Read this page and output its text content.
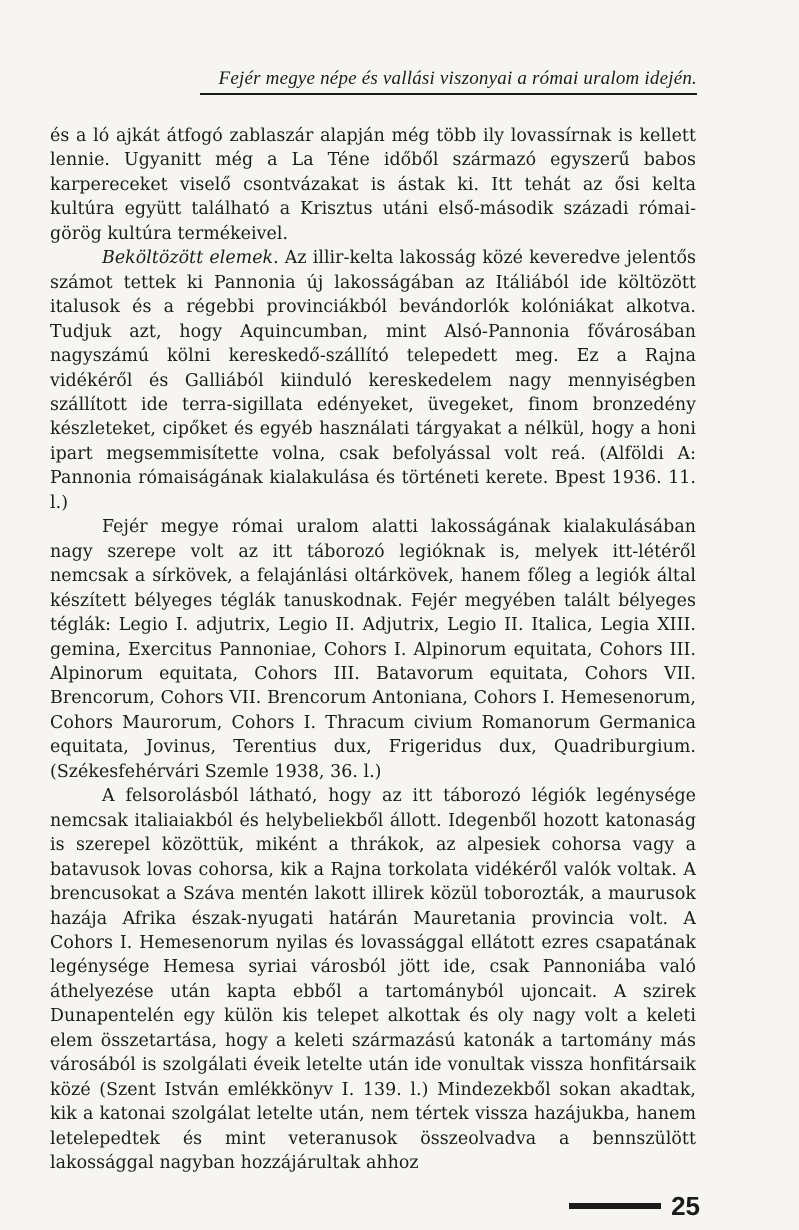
Fejér megye népe és vallási viszonyai a római uralom idején.

és a ló ajkát átfogó zablaszár alapján még több ily lovassírnak is kellett lennie. Ugyanitt még a La Téne időből származó egyszerű babos karpereceket viselő csontvázakat is ástak ki. Itt tehát az ősi kelta kultúra együtt található a Krisztus utáni első-második századi római-görög kultúra termékeivel.

Beköltözött elemek. Az illir-kelta lakosság közé keveredve jelentős számot tettek ki Pannonia új lakosságában az Itáliából ide költözött italusok és a régebbi provinciákból bevándorlók kolóniákat alkotva. Tudjuk azt, hogy Aquincumban, mint Alsó-Pannonia fővárosában nagyszámú kölni kereskedő-szállító telepedett meg. Ez a Rajna vidékéről és Galliából kiinduló kereskedelem nagy mennyiségben szállított ide terra-sigillata edényeket, üvegeket, finom bronzedény készleteket, cipőket és egyéb használati tárgyakat a nélkül, hogy a honi ipart megsemmisítette volna, csak befolyással volt reá. (Alföldi A: Pannonia rómaiságának kialakulása és történeti kerete. Bpest 1936. 11. l.)

Fejér megye római uralom alatti lakosságának kialakulásában nagy szerepe volt az itt táborozó legióknak is, melyek itt-létéről nemcsak a sírkövek, a felajánlási oltárkövek, hanem főleg a legiók által készített bélyeges téglák tanuskodnak. Fejér megyében talált bélyeges téglák: Legio I. adjutrix, Legio II. Adjutrix, Legio II. Italica, Legia XIII. gemina, Exercitus Pannoniae, Cohors I. Alpinorum equitata, Cohors III. Alpinorum equitata, Cohors III. Batavorum equitata, Cohors VII. Brencorum, Cohors VII. Brencorum Antoniana, Cohors I. Hemesenorum, Cohors Maurorum, Cohors I. Thracum civium Romanorum Germanica equitata, Jovinus, Terentius dux, Frigeridus dux, Quadriburgium. (Székesfehérvári Szemle 1938, 36. l.)

A felsorolásból látható, hogy az itt táborozó légiók legénysége nemcsak italiaiakból és helybeliekből állott. Idegenből hozott katonaság is szerepel közöttük, miként a thrákok, az alpesiek cohorsa vagy a batavusok lovas cohorsa, kik a Rajna torkolata vidékéről valók voltak. A brencusokat a Száva mentén lakott illirek közül toborozták, a maurusok hazája Afrika észak-nyugati határán Mauretania provincia volt. A Cohors I. Hemesenorum nyilas és lovassággal ellátott ezres csapatának legénysége Hemesa syriai városból jött ide, csak Pannoniába való áthelyezése után kapta ebből a tartományból ujoncait. A szirek Dunapentelén egy külön kis telepet alkottak és oly nagy volt a keleti elem összetartása, hogy a keleti származású katonák a tartomány más városából is szolgálati éveik letelte után ide vonultak vissza honfitársaik közé (Szent István emlékkönyv I. 139. l.) Mindezekből sokan akadtak, kik a katonai szolgálat letelte után, nem tértek vissza hazájukba, hanem letelepedtek és mint veteranusok összeolvadva a bennszülött lakossággal nagyban hozzájárultak ahhoz

25
